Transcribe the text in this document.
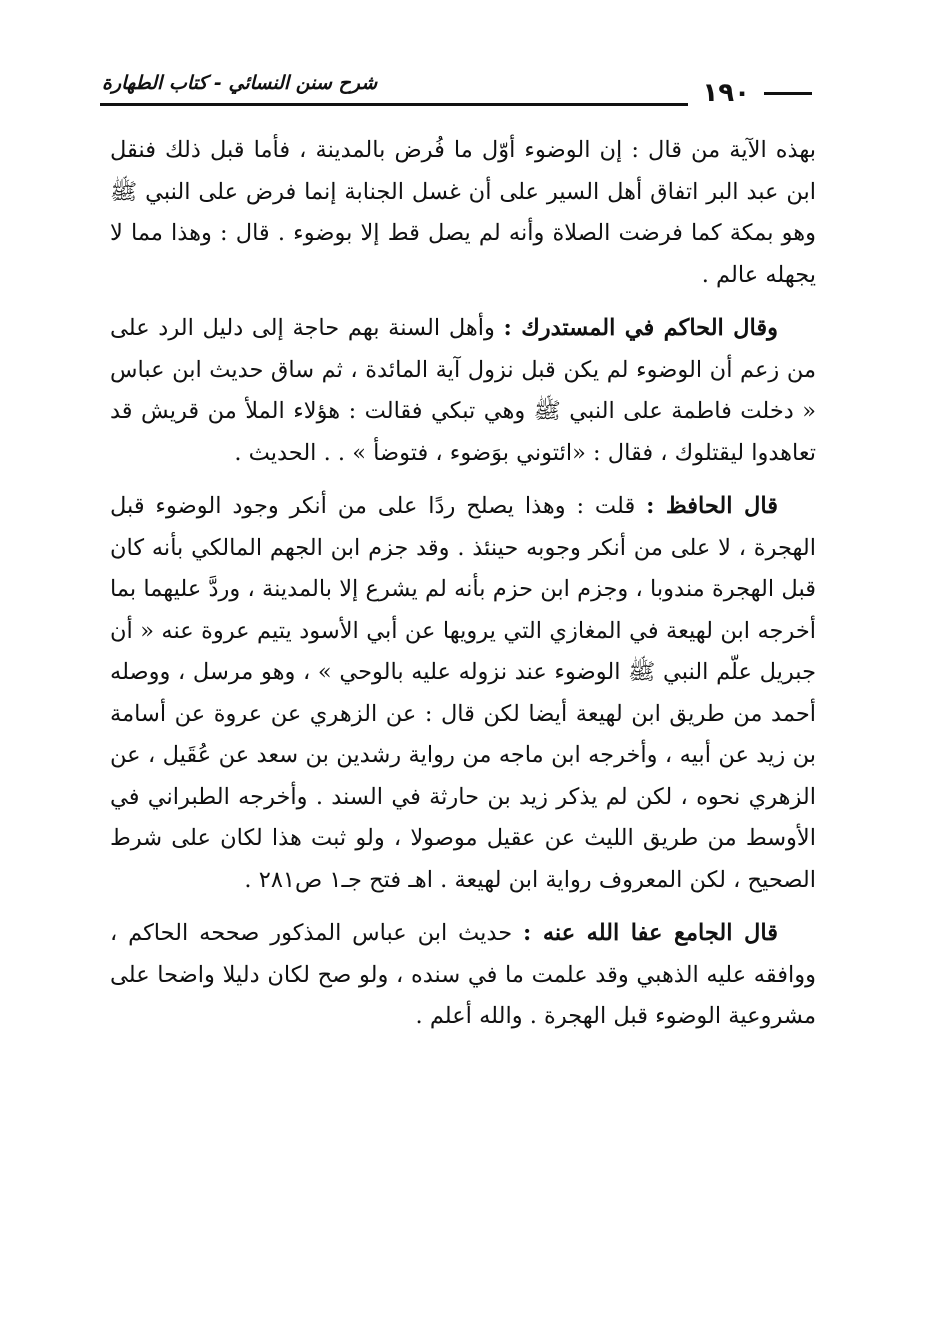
شرح سنن النسائي - كتاب الطهارة	١٩٠

بهذه الآية من قال : إن الوضوء أوّل ما فُرض بالمدينة ، فأما قبل ذلك فنقل ابن عبد البر اتفاق أهل السير على أن غسل الجنابة إنما فرض على النبي ﷺ وهو بمكة كما فرضت الصلاة وأنه لم يصل قط إلا بوضوء . قال : وهذا مما لا يجهله عالم .

وقال الحاكم في المستدرك : وأهل السنة بهم حاجة إلى دليل الرد على من زعم أن الوضوء لم يكن قبل نزول آية المائدة ، ثم ساق حديث ابن عباس « دخلت فاطمة على النبي ﷺ وهي تبكي فقالت : هؤلاء الملأ من قريش قد تعاهدوا ليقتلوك ، فقال : «ائتوني بوَضوء ، فتوضأ » . . الحديث .

قال الحافظ : قلت : وهذا يصلح ردًا على من أنكر وجود الوضوء قبل الهجرة ، لا على من أنكر وجوبه حينئذ . وقد جزم ابن الجهم المالكي بأنه كان قبل الهجرة مندوبا ، وجزم ابن حزم بأنه لم يشرع إلا بالمدينة ، وردَّ عليهما بما أخرجه ابن لهيعة في المغازي التي يرويها عن أبي الأسود يتيم عروة عنه « أن جبريل علّم النبي ﷺ الوضوء عند نزوله عليه بالوحي » ، وهو مرسل ، ووصله أحمد من طريق ابن لهيعة أيضا لكن قال : عن الزهري عن عروة عن أسامة بن زيد عن أبيه ، وأخرجه ابن ماجه من رواية رشدين بن سعد عن عُقَيل ، عن الزهري نحوه ، لكن لم يذكر زيد بن حارثة في السند . وأخرجه الطبراني في الأوسط من طريق الليث عن عقيل موصولا ، ولو ثبت هذا لكان على شرط الصحيح ، لكن المعروف رواية ابن لهيعة . اهـ فتح جـ١ ص٢٨١ .

قال الجامع عفا الله عنه : حديث ابن عباس المذكور صححه الحاكم ، ووافقه عليه الذهبي وقد علمت ما في سنده ، ولو صح لكان دليلا واضحا على مشروعية الوضوء قبل الهجرة . والله أعلم .
